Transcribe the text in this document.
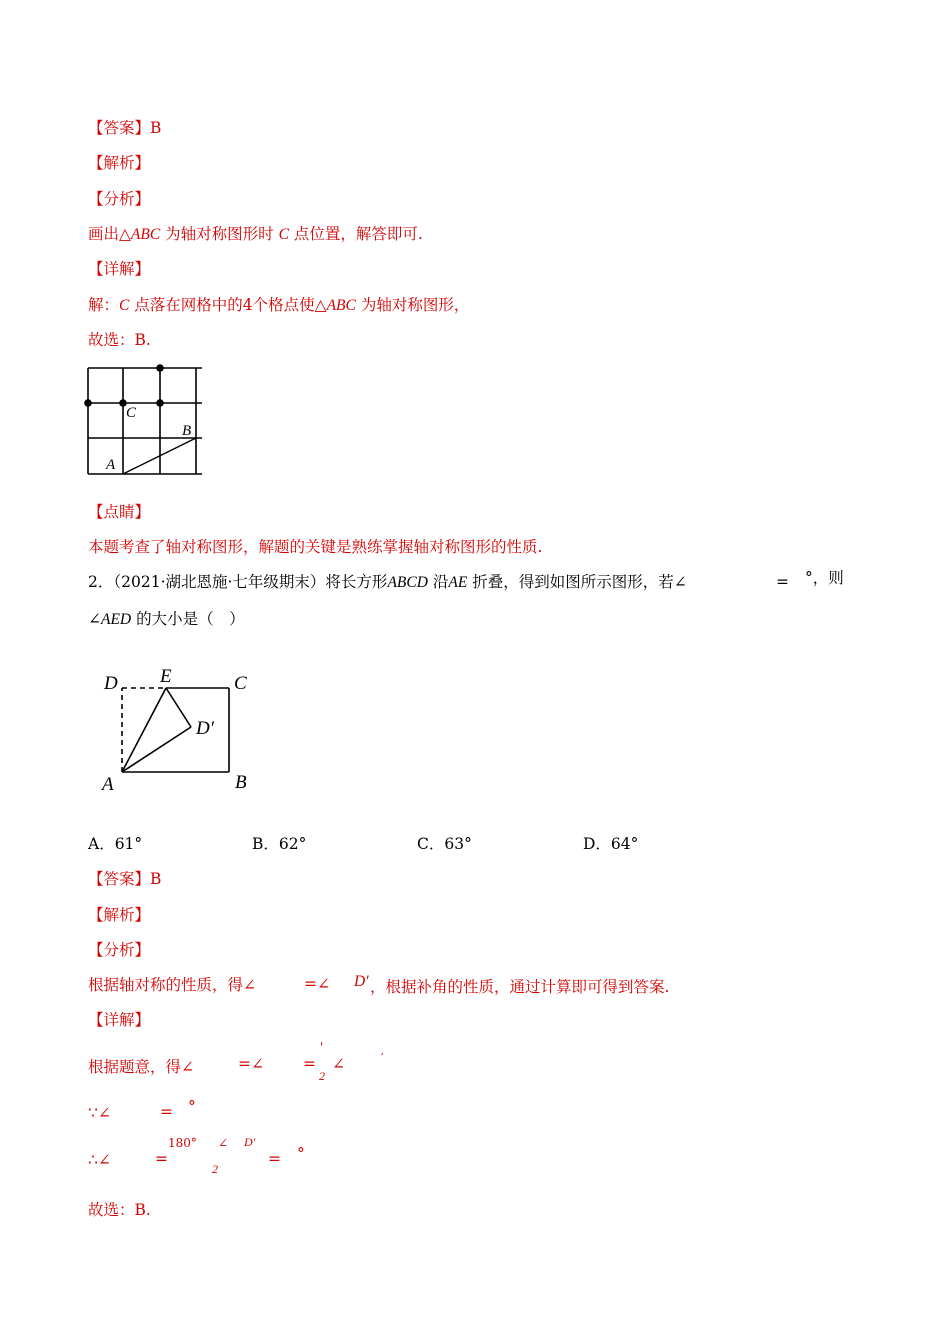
【答案】B
【解析】
【分析】
画出△ABC 为轴对称图形时 C 点位置，解答即可.
【详解】
解：C 点落在网格中的4个格点使△ABC 为轴对称图形，
故选：B.
C
B
A
【点睛】
本题考查了轴对称图形，解题的关键是熟练掌握轴对称图形的性质.
2．（2021·湖北恩施·七年级期末）将长方形ABCD 沿AE 折叠，得到如图所示图形，若∠	= °，则
∠AED 的大小是（　）
D E	C
D′
A	B
A．61°	B．62°	C．63°	D．64°
【答案】B
【解析】
【分析】
根据轴对称的性质，得∠	=∠ D′ ，根据补角的性质，通过计算即可得到答案.
【详解】
根据题意，得∠	=∠	=
'
2
∠	′
∵∠	= °
∴∠	=
180° ∠ D′
2
= °
故选：B.
